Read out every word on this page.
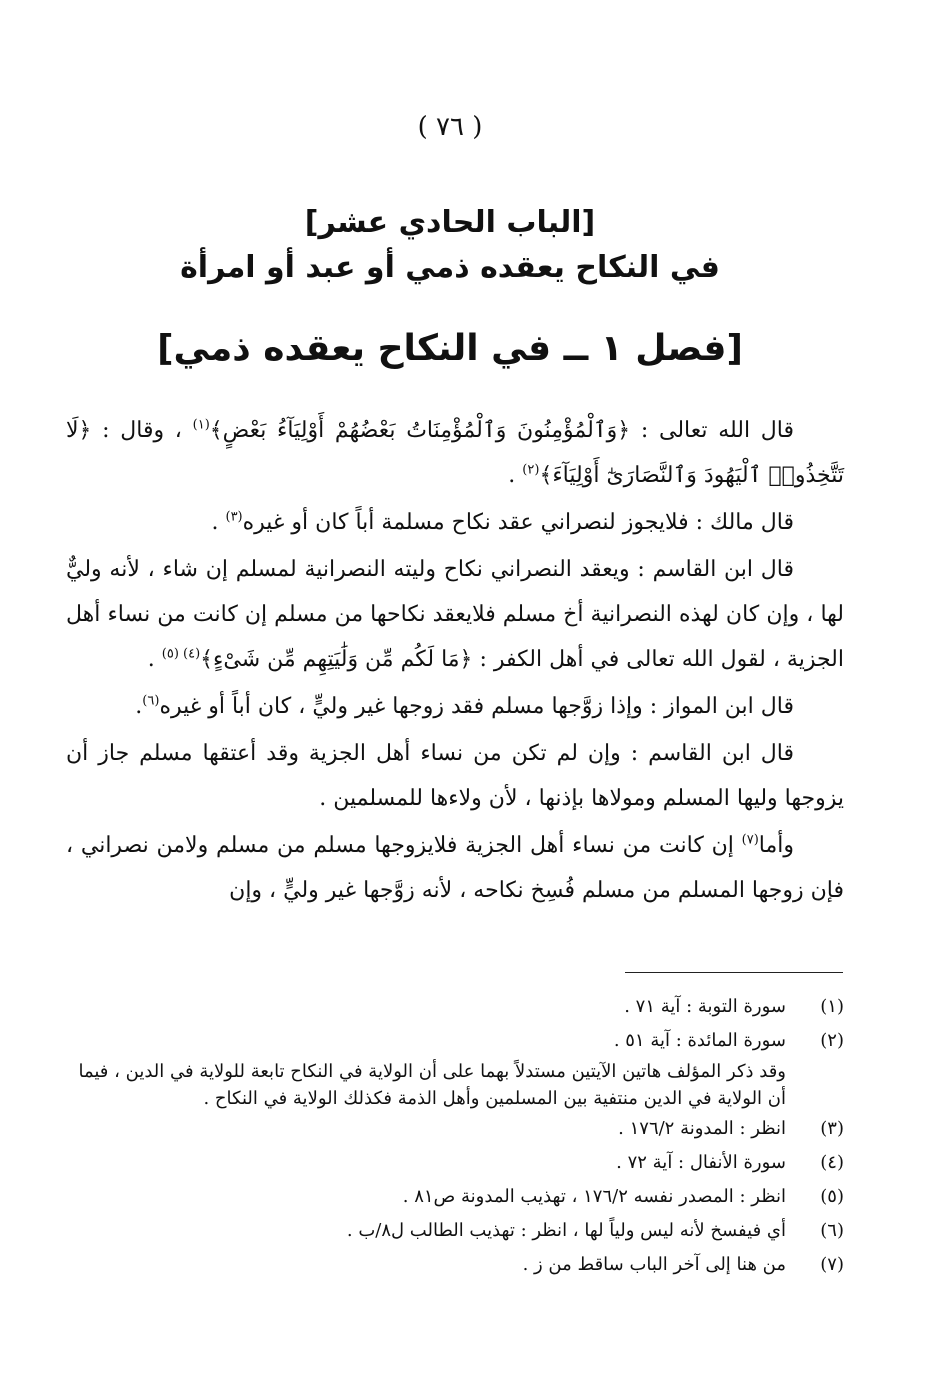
( ٧٦ )
[الباب الحادي عشر]
في النكاح يعقده ذمي أو عبد أو امرأة
[فصل ١ ــ في النكاح يعقده ذمي]

قال الله تعالى : ﴿وَٱلْمُؤْمِنُونَ وَٱلْمُؤْمِنَاتُ بَعْضُهُمْ أَوْلِيَآءُ بَعْضٍ﴾$^{(١)}$ ، وقال : ﴿لَا تَتَّخِذُوا۟ ٱلْيَهُودَ وَٱلنَّصَارَىٰٓ أَوْلِيَآءَ﴾$^{(٢)}$ .

قال مالك : فلايجوز لنصراني عقد نكاح مسلمة أباً كان أو غيره$^{(٣)}$ .

قال ابن القاسم : ويعقد النصراني نكاح وليته النصرانية لمسلم إن شاء ، لأنه وليٌّ لها ، وإن كان لهذه النصرانية أخ مسلم فلايعقد نكاحها من مسلم إن كانت من نساء أهل الجزية ، لقول الله تعالى في أهل الكفر : ﴿مَا لَكُم مِّن وَلَٰيَتِهِم مِّن شَىْءٍ﴾$^{(٤) (٥)}$ .

قال ابن المواز : وإذا زوَّجها مسلم فقد زوجها غير وليٍّ ، كان أباً أو غيره$^{(٦)}$.

قال ابن القاسم : وإن لم تكن من نساء أهل الجزية وقد أعتقها مسلم جاز أن يزوجها وليها المسلم ومولاها بإذنها ، لأن ولاءها للمسلمين .

وأما$^{(٧)}$ إن كانت من نساء أهل الجزية فلايزوجها مسلم من مسلم ولامن نصراني ، فإن زوجها المسلم من مسلم فُسِخ نكاحه ، لأنه زوَّجها غير وليٍّ ، وإن

(١)
سورة التوبة : آية ٧١ .
(٢)
سورة المائدة : آية ٥١ .
وقد ذكر المؤلف هاتين الآيتين مستدلاً بهما على أن الولاية في النكاح تابعة للولاية في الدين ، فيما أن الولاية في الدين منتفية بين المسلمين وأهل الذمة فكذلك الولاية في النكاح .
(٣)
انظر : المدونة ١٧٦/٢ .
(٤)
سورة الأنفال : آية ٧٢ .
(٥)
انظر : المصدر نفسه ١٧٦/٢ ، تهذيب المدونة ص٨١ .
(٦)
أي فيفسخ لأنه ليس ولياً لها ، انظر : تهذيب الطالب ل٨/ب .
(٧)
من هنا إلى آخر الباب ساقط من ز .
